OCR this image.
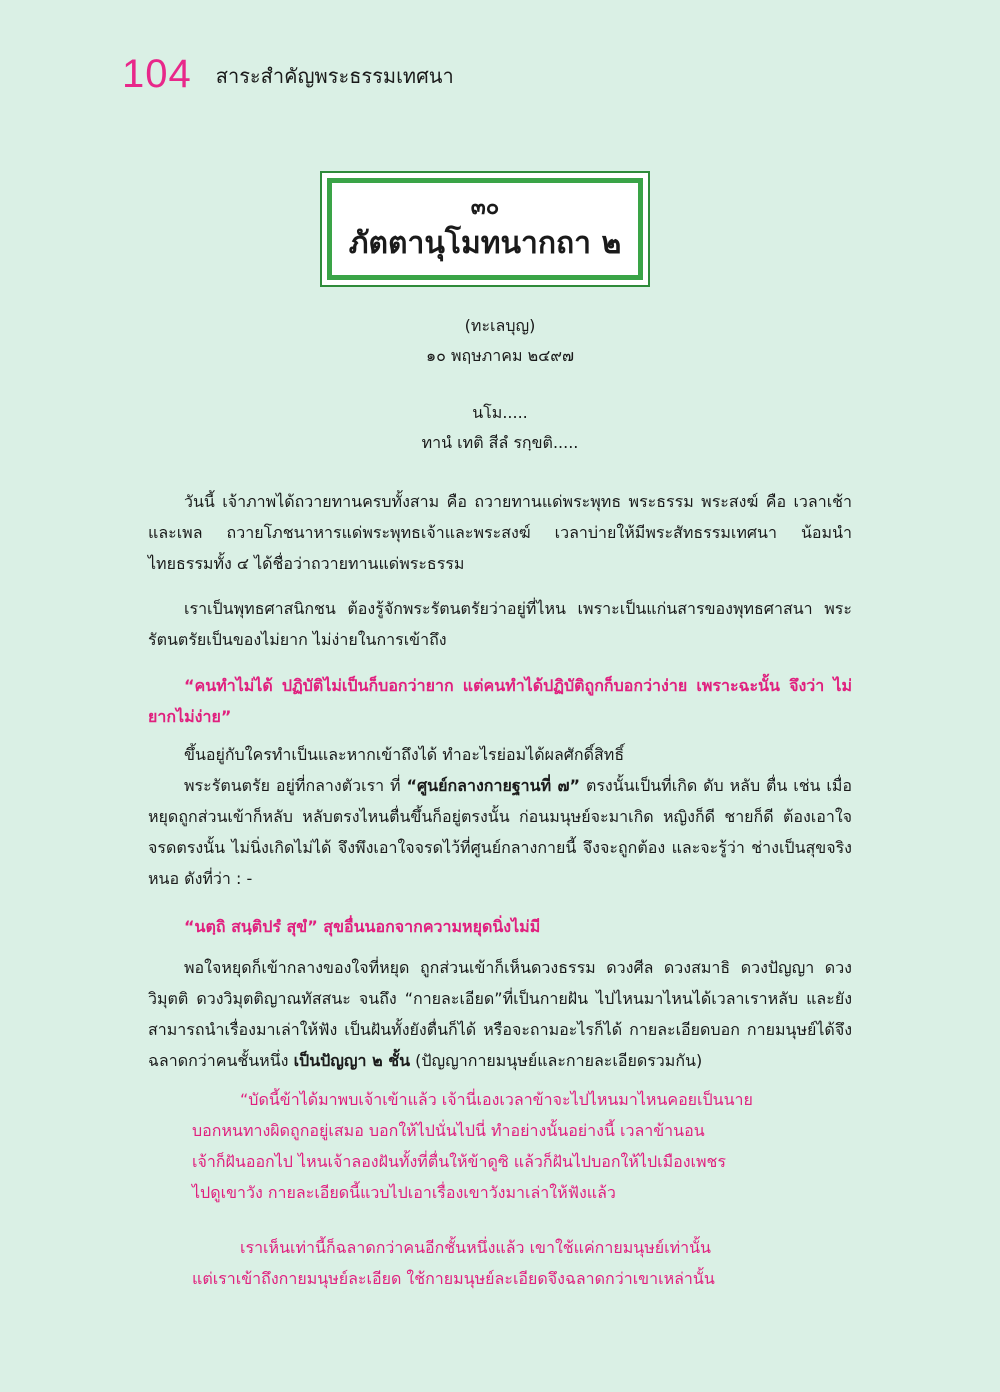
104 สาระสำคัญพระธรรมเทศนา
๓๐
ภัตตานุโมทนากถา ๒
(ทะเลบุญ)
๑๐ พฤษภาคม ๒๔๙๗
นโม.....
ทานํ เทติ สีลํ รกฺขติ.....

วันนี้ เจ้าภาพได้ถวายทานครบทั้งสาม คือ ถวายทานแด่พระพุทธ พระธรรม พระสงฆ์ คือ เวลาเช้าและเพล ถวายโภชนาหารแด่พระพุทธเจ้าและพระสงฆ์ เวลาบ่ายให้มีพระสัทธรรมเทศนา น้อมนำไทยธรรมทั้ง ๔ ได้ชื่อว่าถวายทานแด่พระธรรม

เราเป็นพุทธศาสนิกชน ต้องรู้จักพระรัตนตรัยว่าอยู่ที่ไหน เพราะเป็นแก่นสารของพุทธศาสนา พระรัตนตรัยเป็นของไม่ยาก ไม่ง่ายในการเข้าถึง

“คนทำไม่ได้ ปฏิบัติไม่เป็นก็บอกว่ายาก แต่คนทำได้ปฏิบัติถูกก็บอกว่าง่าย เพราะฉะนั้น จึงว่า ไม่ยากไม่ง่าย”

ขึ้นอยู่กับใครทำเป็นและหากเข้าถึงได้ ทำอะไรย่อมได้ผลศักดิ์สิทธิ์

พระรัตนตรัย อยู่ที่กลางตัวเรา ที่ “ศูนย์กลางกายฐานที่ ๗” ตรงนั้นเป็นที่เกิด ดับ หลับ ตื่น เช่น เมื่อหยุดถูกส่วนเข้าก็หลับ หลับตรงไหนตื่นขึ้นก็อยู่ตรงนั้น ก่อนมนุษย์จะมาเกิด หญิงก็ดี ชายก็ดี ต้องเอาใจจรดตรงนั้น ไม่นิ่งเกิดไม่ได้ จึงพึงเอาใจจรดไว้ที่ศูนย์กลางกายนี้ จึงจะถูกต้อง และจะรู้ว่า ช่างเป็นสุขจริงหนอ ดังที่ว่า : -

“นตฺถิ สนฺติปรํ สุขํ” สุขอื่นนอกจากความหยุดนิ่งไม่มี

พอใจหยุดก็เข้ากลางของใจที่หยุด ถูกส่วนเข้าก็เห็นดวงธรรม ดวงศีล ดวงสมาธิ ดวงปัญญา ดวงวิมุตติ ดวงวิมุตติญาณทัสสนะ จนถึง “กายละเอียด”ที่เป็นกายฝัน ไปไหนมาไหนได้เวลาเราหลับ และยังสามารถนำเรื่องมาเล่าให้ฟัง เป็นฝันทั้งยังตื่นก็ได้ หรือจะถามอะไรก็ได้ กายละเอียดบอก กายมนุษย์ได้จึงฉลาดกว่าคนชั้นหนึ่ง เป็นปัญญา ๒ ชั้น (ปัญญากายมนุษย์และกายละเอียดรวมกัน)

“บัดนี้ข้าได้มาพบเจ้าเข้าแล้ว เจ้านี่เองเวลาข้าจะไปไหนมาไหนคอยเป็นนาย
บอกหนทางผิดถูกอยู่เสมอ บอกให้ไปนั่นไปนี่ ทำอย่างนั้นอย่างนี้ เวลาข้านอน
เจ้าก็ฝันออกไป ไหนเจ้าลองฝันทั้งที่ตื่นให้ข้าดูซิ แล้วก็ฝันไปบอกให้ไปเมืองเพชร
ไปดูเขาวัง กายละเอียดนี้แวบไปเอาเรื่องเขาวังมาเล่าให้ฟังแล้ว
เราเห็นเท่านี้ก็ฉลาดกว่าคนอีกชั้นหนึ่งแล้ว เขาใช้แค่กายมนุษย์เท่านั้น
แต่เราเข้าถึงกายมนุษย์ละเอียด ใช้กายมนุษย์ละเอียดจึงฉลาดกว่าเขาเหล่านั้น
